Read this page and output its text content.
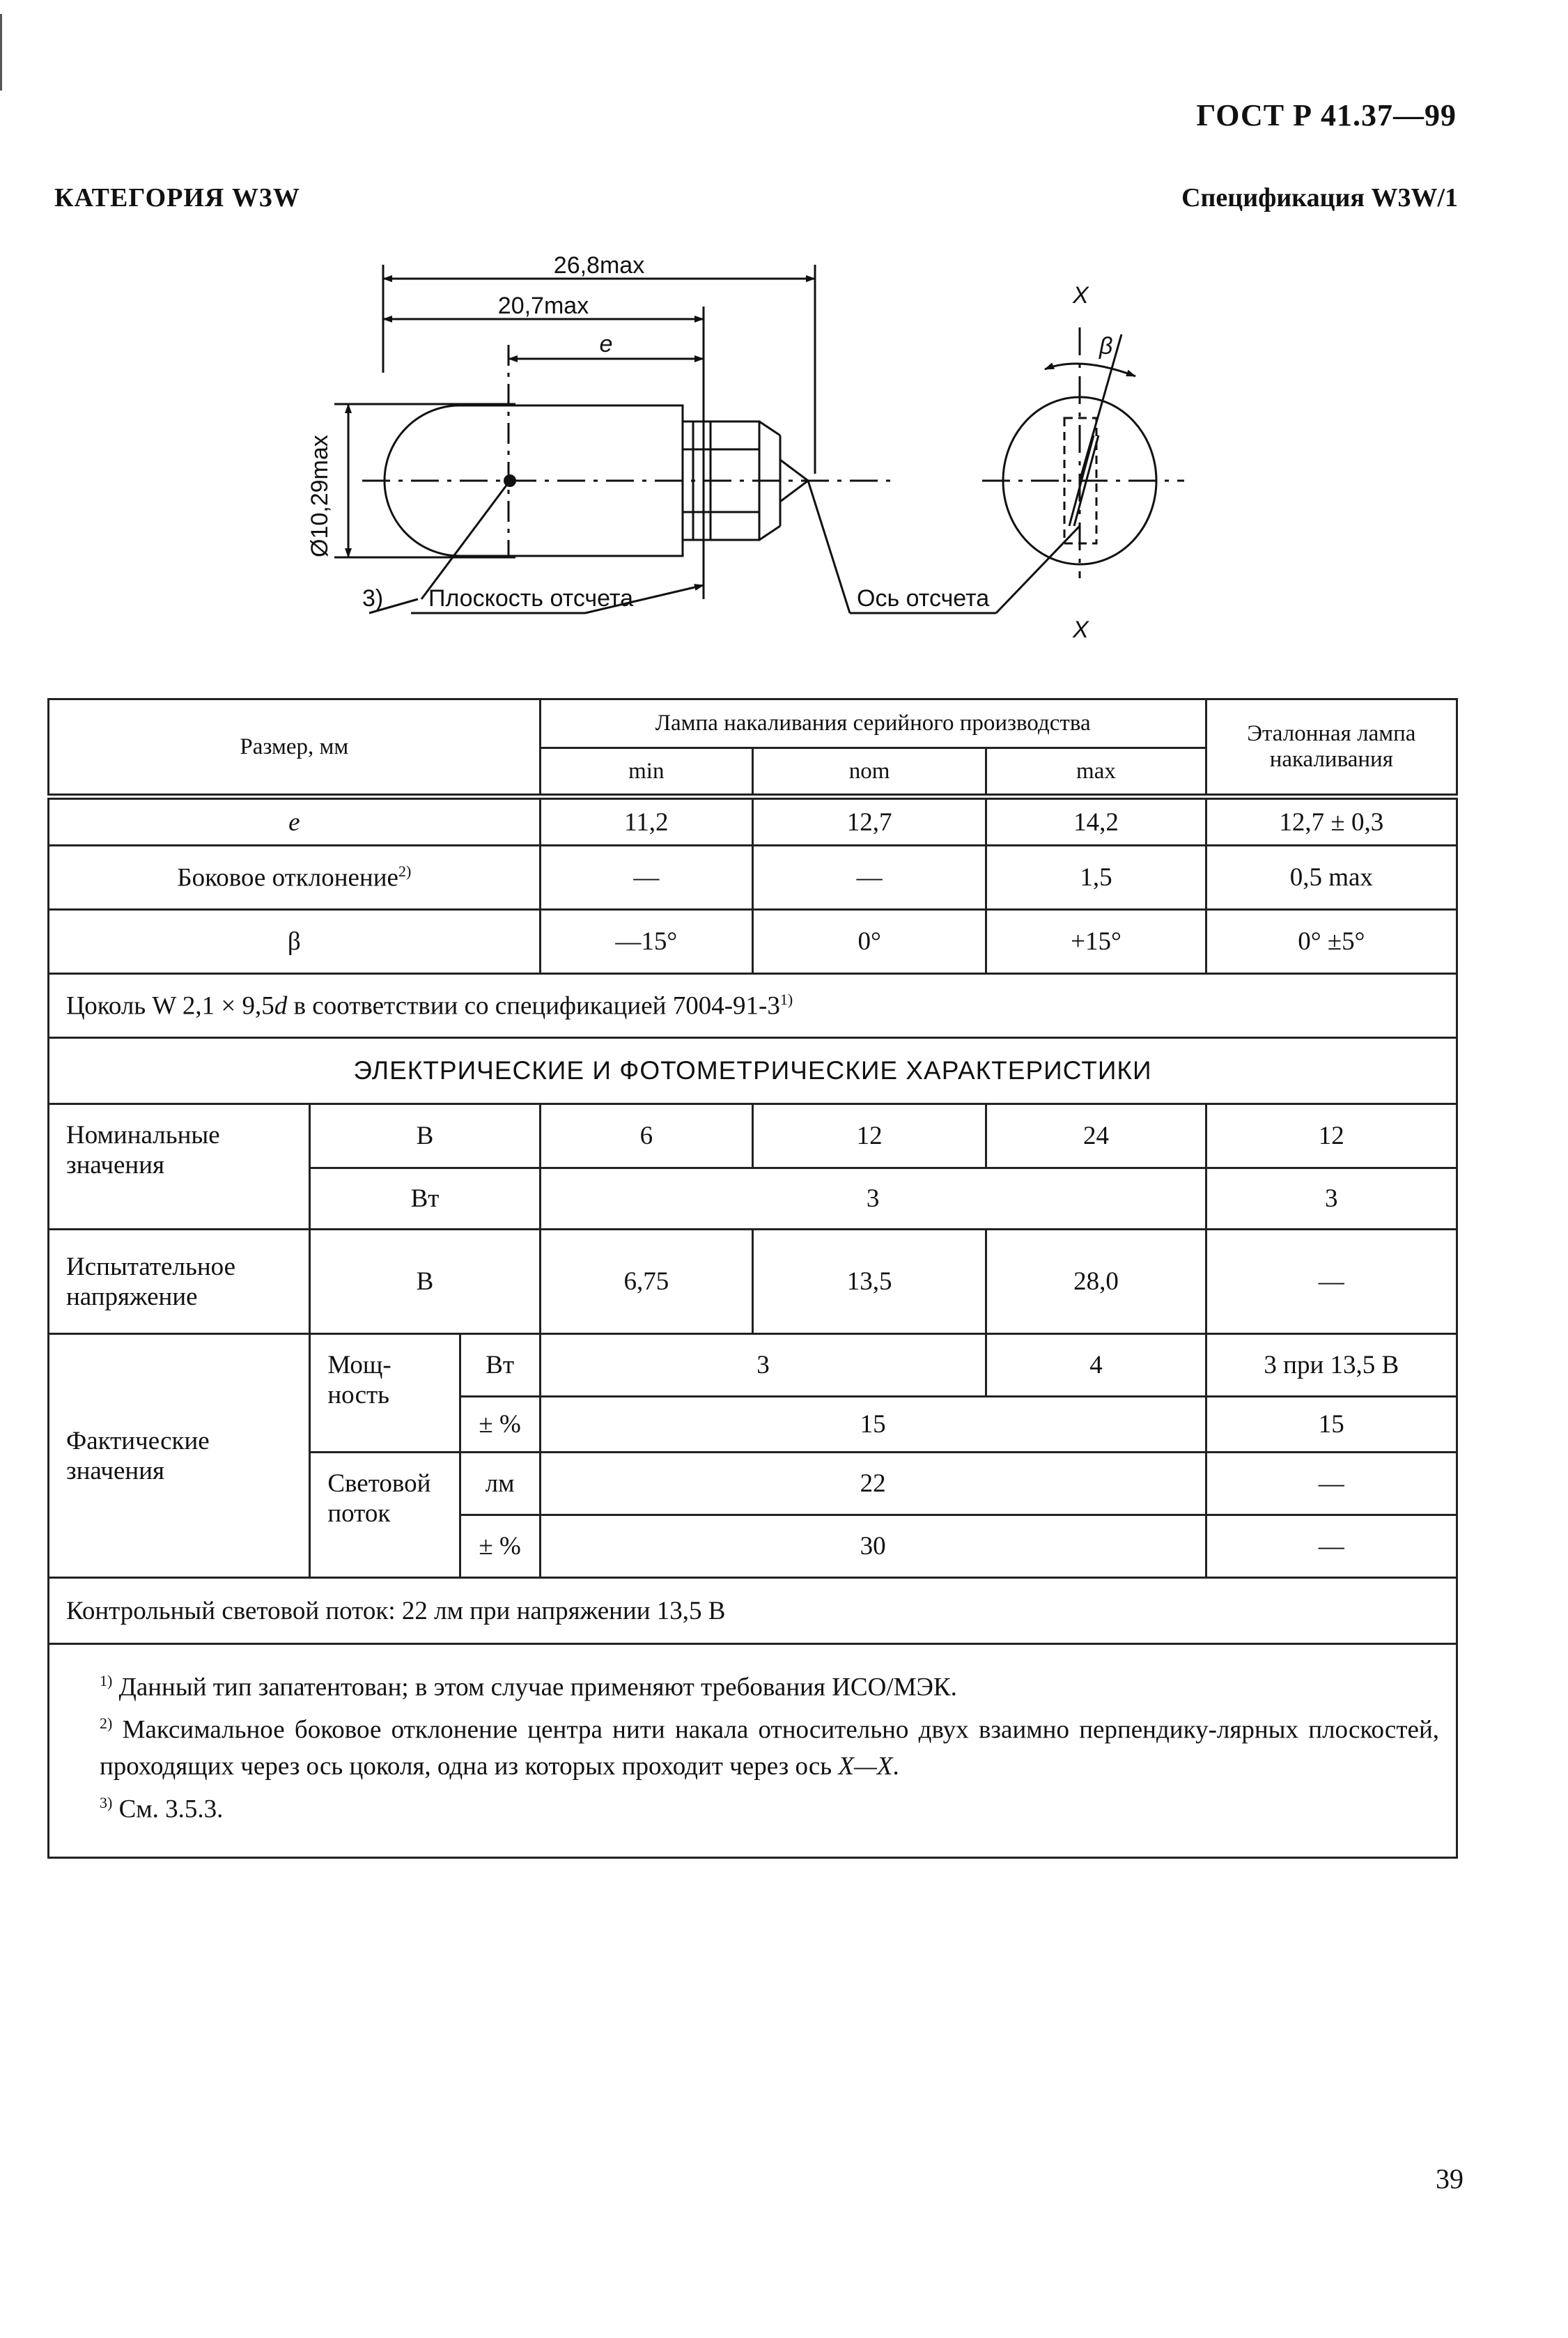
ГОСТ Р 41.37—99
КАТЕГОРИЯ W3W	Спецификация W3W/1
26,8max
20,7max
e
Ø10,29max
3) Плоскость отсчета	Ось отсчета
X
X
β
Размер, мм			Лампа накаливания серийного производства			Эталонная лампа накаливания
			min	nom	max	
e			11,2	12,7	14,2	12,7 ± 0,3
Боковое отклонение$^{2)}$			—	—	1,5	0,5 max
β			—15°	0°	+15°	0° ±5°
Цоколь W 2,1 × 9,5d в соответствии со спецификацией 7004-91-3$^{1)}$
ЭЛЕКТРИЧЕСКИЕ И ФОТОМЕТРИЧЕСКИЕ ХАРАКТЕРИСТИКИ						
Номинальные значения	В		6	12	24	12
	Вт		3			3
Испытательное напряжение	В		6,75	13,5	28,0	—
Фактические значения	Мощ-ность	Вт	3		4	3 при 13,5 В
		± %	15			15
	Световой поток	лм	22			—
		± %	30			—
Контрольный световой поток: 22 лм при напряжении 13,5 В						

$^{1)}$ Данный тип запатентован; в этом случае применяют требования ИСО/МЭК.

$^{2)}$ Максимальное боковое отклонение центра нити накала относительно двух взаимно перпендику-лярных плоскостей, проходящих через ось цоколя, одна из которых проходит через ось X—X.

$^{3)}$ См. 3.5.3.						

39
